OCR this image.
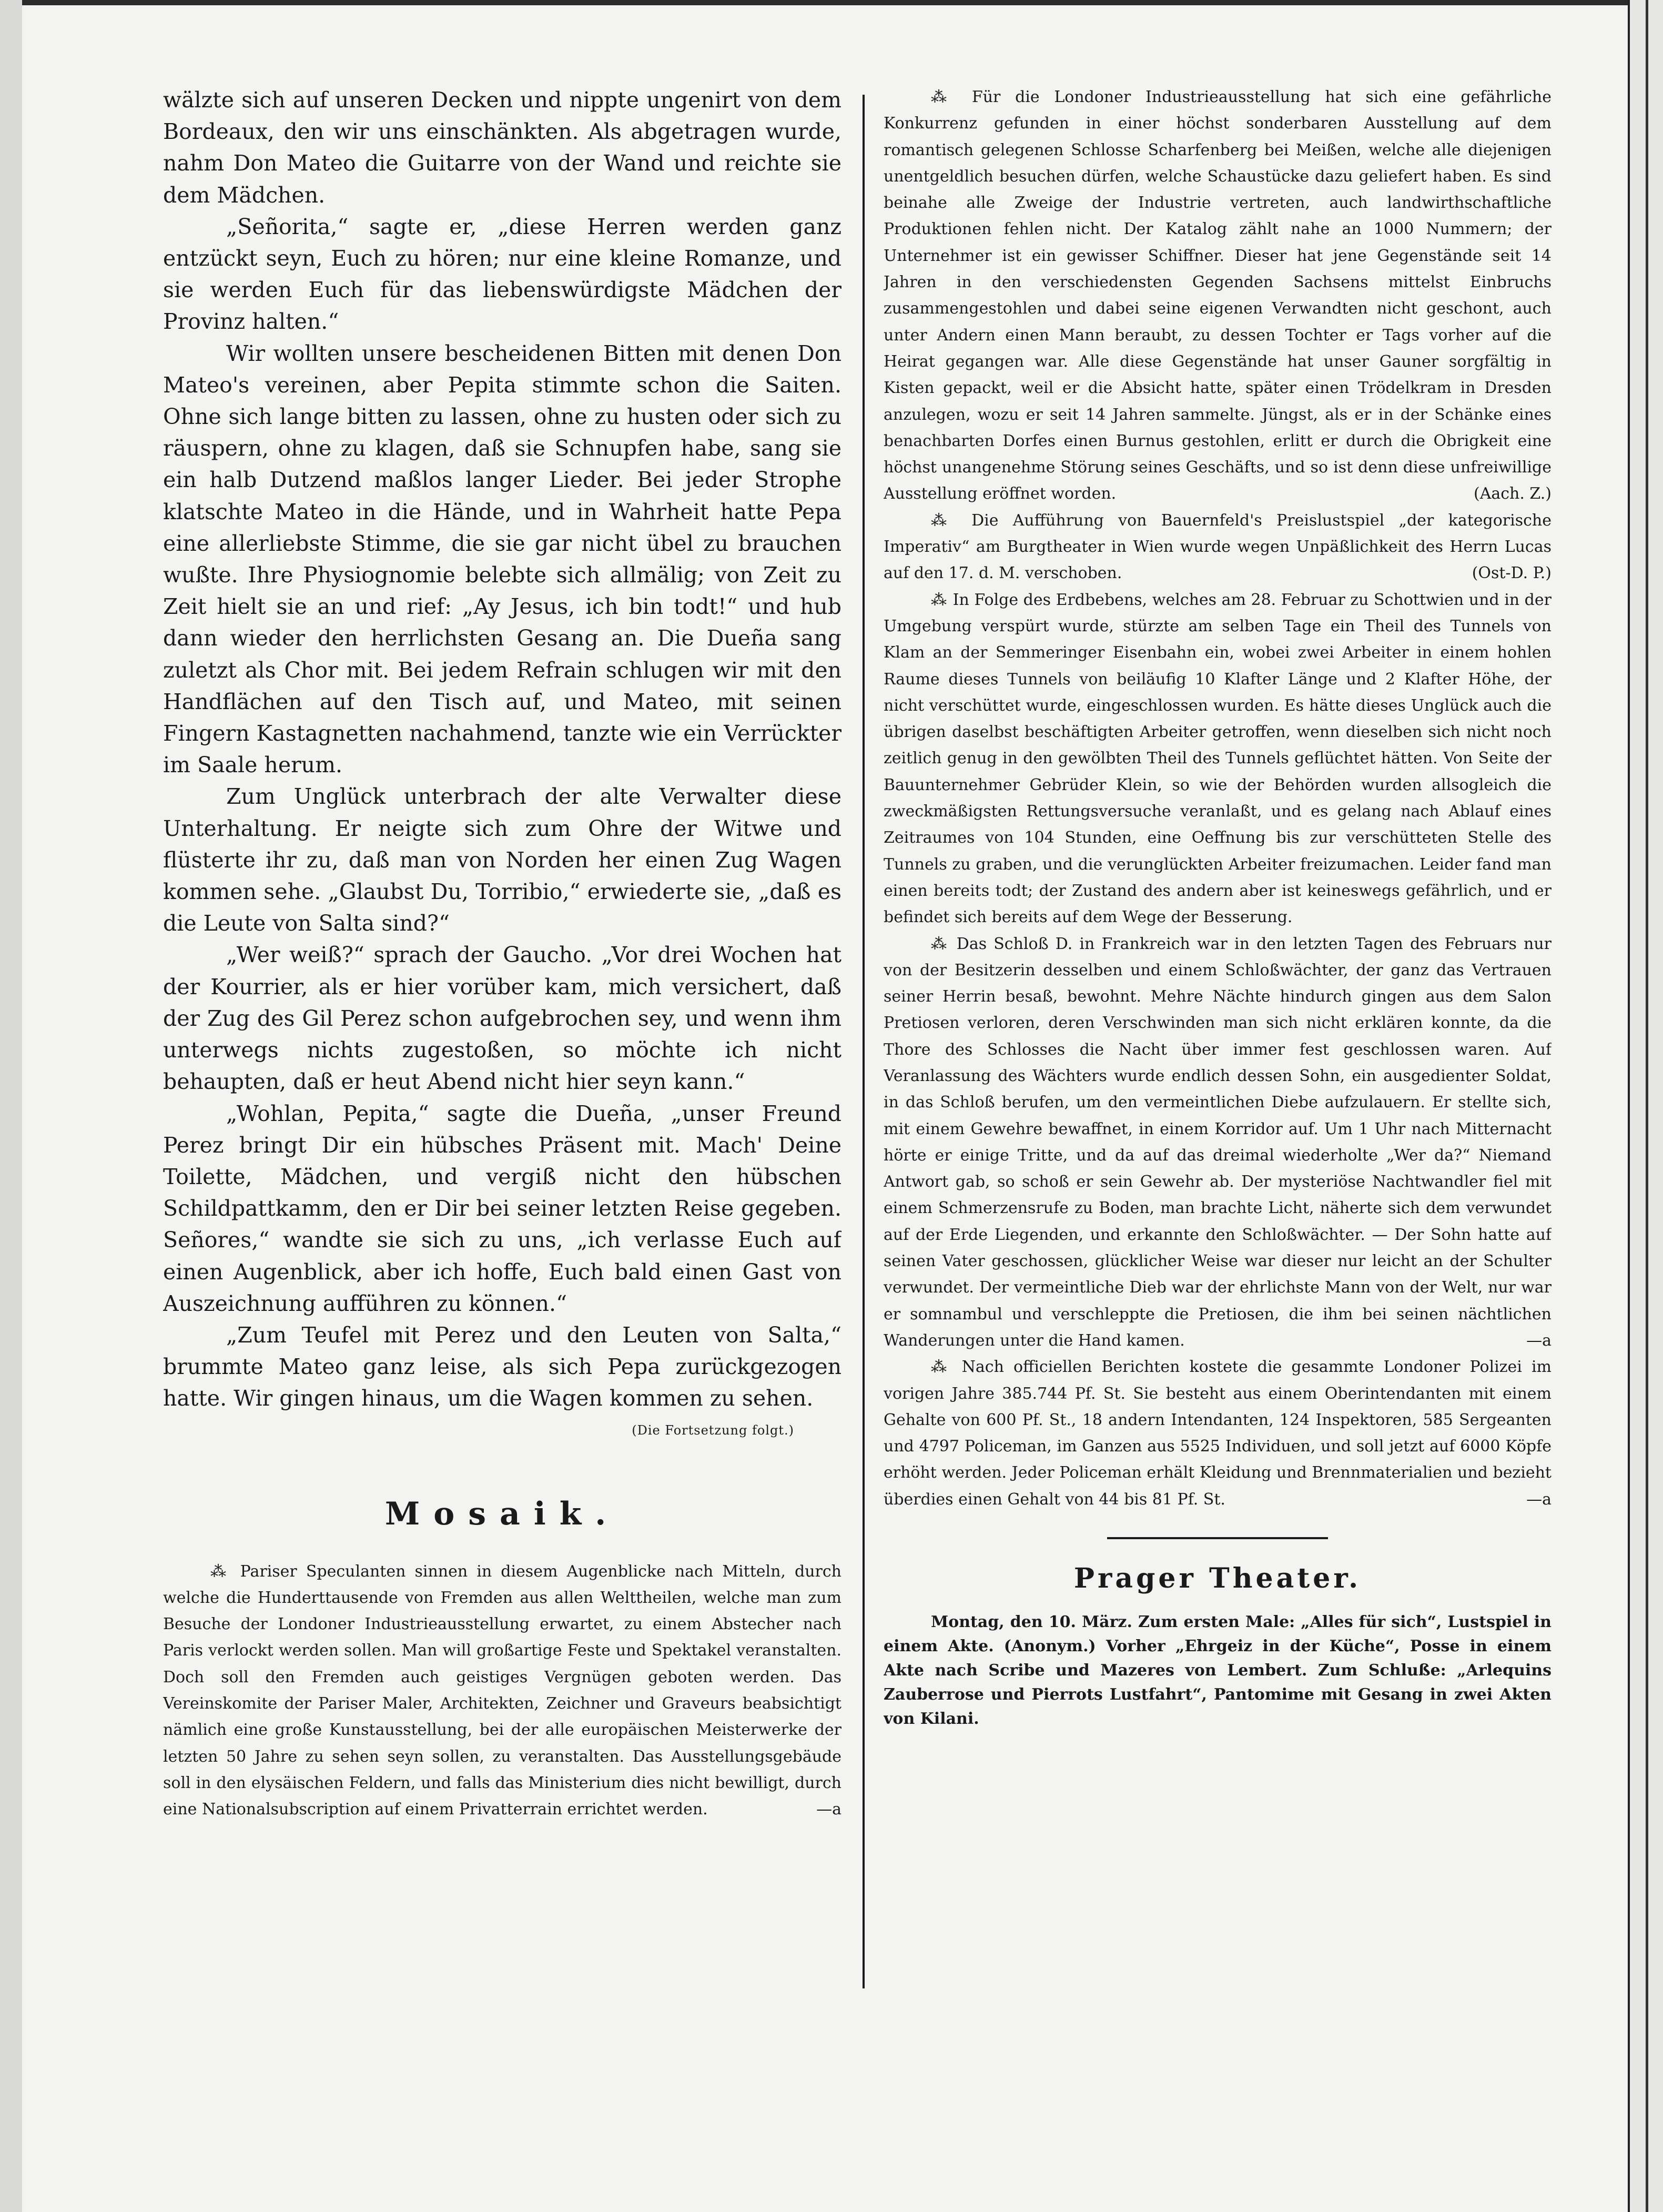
wälzte sich auf unseren Decken und nippte ungenirt von dem Bordeaux, den wir uns einschänkten. Als abgetragen wurde, nahm Don Mateo die Guitarre von der Wand und reichte sie dem Mädchen.

„Señorita,“ sagte er, „diese Herren werden ganz entzückt seyn, Euch zu hören; nur eine kleine Romanze, und sie werden Euch für das liebenswürdigste Mädchen der Provinz halten.“

Wir wollten unsere bescheidenen Bitten mit denen Don Mateo's vereinen, aber Pepita stimmte schon die Saiten. Ohne sich lange bitten zu lassen, ohne zu husten oder sich zu räuspern, ohne zu klagen, daß sie Schnupfen habe, sang sie ein halb Dutzend maßlos langer Lieder. Bei jeder Strophe klatschte Mateo in die Hände, und in Wahrheit hatte Pepa eine allerliebste Stimme, die sie gar nicht übel zu brauchen wußte. Ihre Physiognomie belebte sich allmälig; von Zeit zu Zeit hielt sie an und rief: „Ay Jesus, ich bin todt!“ und hub dann wieder den herrlichsten Gesang an. Die Dueña sang zuletzt als Chor mit. Bei jedem Refrain schlugen wir mit den Handflächen auf den Tisch auf, und Mateo, mit seinen Fingern Kastagnetten nachahmend, tanzte wie ein Verrückter im Saale herum.

Zum Unglück unterbrach der alte Verwalter diese Unterhaltung. Er neigte sich zum Ohre der Witwe und flüsterte ihr zu, daß man von Norden her einen Zug Wagen kommen sehe. „Glaubst Du, Torribio,“ erwiederte sie, „daß es die Leute von Salta sind?“

„Wer weiß?“ sprach der Gaucho. „Vor drei Wochen hat der Kourrier, als er hier vorüber kam, mich versichert, daß der Zug des Gil Perez schon aufgebrochen sey, und wenn ihm unterwegs nichts zugestoßen, so möchte ich nicht behaupten, daß er heut Abend nicht hier seyn kann.“

„Wohlan, Pepita,“ sagte die Dueña, „unser Freund Perez bringt Dir ein hübsches Präsent mit. Mach' Deine Toilette, Mädchen, und vergiß nicht den hübschen Schildpattkamm, den er Dir bei seiner letzten Reise gegeben. Señores,“ wandte sie sich zu uns, „ich verlasse Euch auf einen Augenblick, aber ich hoffe, Euch bald einen Gast von Auszeichnung aufführen zu können.“

„Zum Teufel mit Perez und den Leuten von Salta,“ brummte Mateo ganz leise, als sich Pepa zurückgezogen hatte. Wir gingen hinaus, um die Wagen kommen zu sehen.

(Die Fortsetzung folgt.)
Mosaik.

⁂ Pariser Speculanten sinnen in diesem Augenblicke nach Mitteln, durch welche die Hunderttausende von Fremden aus allen Welttheilen, welche man zum Besuche der Londoner Industrieausstellung erwartet, zu einem Abstecher nach Paris verlockt werden sollen. Man will großartige Feste und Spektakel veranstalten. Doch soll den Fremden auch geistiges Vergnügen geboten werden. Das Vereinskomite der Pariser Maler, Architekten, Zeichner und Graveurs beabsichtigt nämlich eine große Kunstausstellung, bei der alle europäischen Meisterwerke der letzten 50 Jahre zu sehen seyn sollen, zu veranstalten. Das Ausstellungsgebäude soll in den elysäischen Feldern, und falls das Ministerium dies nicht bewilligt, durch eine Nationalsubscription auf einem Privatterrain errichtet werden.	—a

⁂ Für die Londoner Industrieausstellung hat sich eine gefährliche Konkurrenz gefunden in einer höchst sonderbaren Ausstellung auf dem romantisch gelegenen Schlosse Scharfenberg bei Meißen, welche alle diejenigen unentgeldlich besuchen dürfen, welche Schaustücke dazu geliefert haben. Es sind beinahe alle Zweige der Industrie vertreten, auch landwirthschaftliche Produktionen fehlen nicht. Der Katalog zählt nahe an 1000 Nummern; der Unternehmer ist ein gewisser Schiffner. Dieser hat jene Gegenstände seit 14 Jahren in den verschiedensten Gegenden Sachsens mittelst Einbruchs zusammengestohlen und dabei seine eigenen Verwandten nicht geschont, auch unter Andern einen Mann beraubt, zu dessen Tochter er Tags vorher auf die Heirat gegangen war. Alle diese Gegenstände hat unser Gauner sorgfältig in Kisten gepackt, weil er die Absicht hatte, später einen Trödelkram in Dresden anzulegen, wozu er seit 14 Jahren sammelte. Jüngst, als er in der Schänke eines benachbarten Dorfes einen Burnus gestohlen, erlitt er durch die Obrigkeit eine höchst unangenehme Störung seines Geschäfts, und so ist denn diese unfreiwillige Ausstellung eröffnet worden.	(Aach. Z.)

⁂ Die Aufführung von Bauernfeld's Preislustspiel „der kategorische Imperativ“ am Burgtheater in Wien wurde wegen Unpäßlichkeit des Herrn Lucas auf den 17. d. M. verschoben.	(Ost-D. P.)

⁂ In Folge des Erdbebens, welches am 28. Februar zu Schottwien und in der Umgebung verspürt wurde, stürzte am selben Tage ein Theil des Tunnels von Klam an der Semmeringer Eisenbahn ein, wobei zwei Arbeiter in einem hohlen Raume dieses Tunnels von beiläufig 10 Klafter Länge und 2 Klafter Höhe, der nicht verschüttet wurde, eingeschlossen wurden. Es hätte dieses Unglück auch die übrigen daselbst beschäftigten Arbeiter getroffen, wenn dieselben sich nicht noch zeitlich genug in den gewölbten Theil des Tunnels geflüchtet hätten. Von Seite der Bauunternehmer Gebrüder Klein, so wie der Behörden wurden allsogleich die zweckmäßigsten Rettungsversuche veranlaßt, und es gelang nach Ablauf eines Zeitraumes von 104 Stunden, eine Oeffnung bis zur verschütteten Stelle des Tunnels zu graben, und die verunglückten Arbeiter freizumachen. Leider fand man einen bereits todt; der Zustand des andern aber ist keineswegs gefährlich, und er befindet sich bereits auf dem Wege der Besserung.

⁂ Das Schloß D. in Frankreich war in den letzten Tagen des Februars nur von der Besitzerin desselben und einem Schloßwächter, der ganz das Vertrauen seiner Herrin besaß, bewohnt. Mehre Nächte hindurch gingen aus dem Salon Pretiosen verloren, deren Verschwinden man sich nicht erklären konnte, da die Thore des Schlosses die Nacht über immer fest geschlossen waren. Auf Veranlassung des Wächters wurde endlich dessen Sohn, ein ausgedienter Soldat, in das Schloß berufen, um den vermeintlichen Diebe aufzulauern. Er stellte sich, mit einem Gewehre bewaffnet, in einem Korridor auf. Um 1 Uhr nach Mitternacht hörte er einige Tritte, und da auf das dreimal wiederholte „Wer da?“ Niemand Antwort gab, so schoß er sein Gewehr ab. Der mysteriöse Nachtwandler fiel mit einem Schmerzensrufe zu Boden, man brachte Licht, näherte sich dem verwundet auf der Erde Liegenden, und erkannte den Schloßwächter. — Der Sohn hatte auf seinen Vater geschossen, glücklicher Weise war dieser nur leicht an der Schulter verwundet. Der vermeintliche Dieb war der ehrlichste Mann von der Welt, nur war er somnambul und verschleppte die Pretiosen, die ihm bei seinen nächtlichen Wanderungen unter die Hand kamen.	—a

⁂ Nach officiellen Berichten kostete die gesammte Londoner Polizei im vorigen Jahre 385.744 Pf. St. Sie besteht aus einem Oberintendanten mit einem Gehalte von 600 Pf. St., 18 andern Intendanten, 124 Inspektoren, 585 Sergeanten und 4797 Policeman, im Ganzen aus 5525 Individuen, und soll jetzt auf 6000 Köpfe erhöht werden. Jeder Policeman erhält Kleidung und Brennmaterialien und bezieht überdies einen Gehalt von 44 bis 81 Pf. St.	—a

Prager Theater.

Montag, den 10. März. Zum ersten Male: „Alles für sich“, Lustspiel in einem Akte. (Anonym.) Vorher „Ehrgeiz in der Küche“, Posse in einem Akte nach Scribe und Mazeres von Lembert. Zum Schluße: „Arlequins Zauberrose und Pierrots Lustfahrt“, Pantomime mit Gesang in zwei Akten von Kilani.
